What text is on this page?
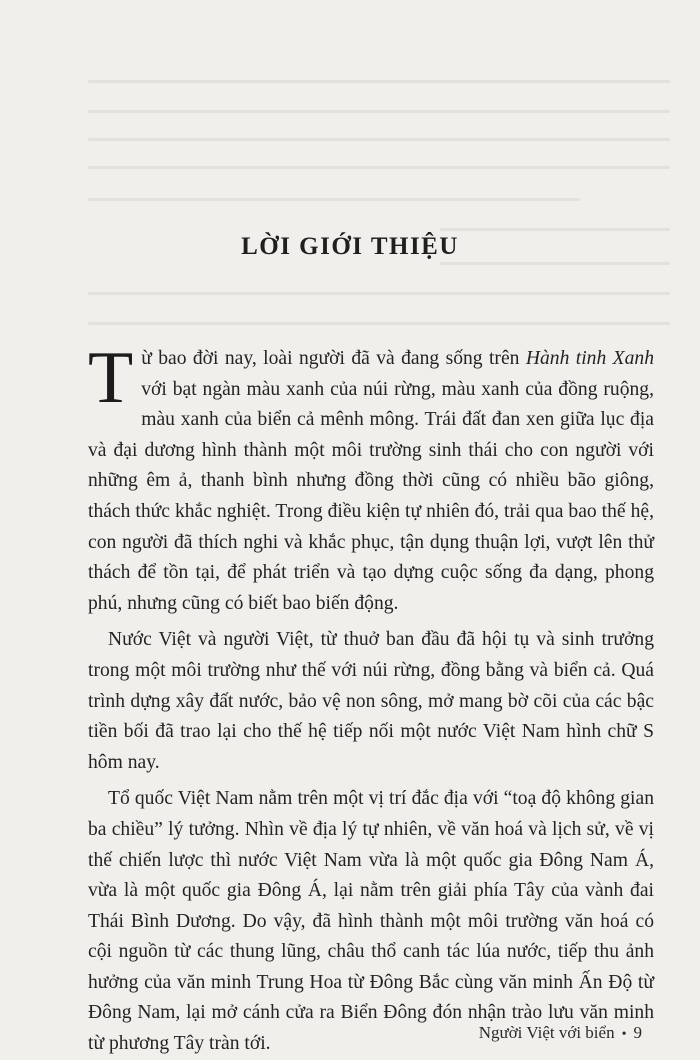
LỜI GIỚI THIỆU

Từ bao đời nay, loài người đã và đang sống trên Hành tinh Xanh với bạt ngàn màu xanh của núi rừng, màu xanh của đồng ruộng, màu xanh của biển cả mênh mông. Trái đất đan xen giữa lục địa và đại dương hình thành một môi trường sinh thái cho con người với những êm ả, thanh bình nhưng đồng thời cũng có nhiều bão giông, thách thức khắc nghiệt. Trong điều kiện tự nhiên đó, trải qua bao thế hệ, con người đã thích nghi và khắc phục, tận dụng thuận lợi, vượt lên thử thách để tồn tại, để phát triển và tạo dựng cuộc sống đa dạng, phong phú, nhưng cũng có biết bao biến động.

Nước Việt và người Việt, từ thuở ban đầu đã hội tụ và sinh trưởng trong một môi trường như thế với núi rừng, đồng bằng và biển cả. Quá trình dựng xây đất nước, bảo vệ non sông, mở mang bờ cõi của các bậc tiền bối đã trao lại cho thế hệ tiếp nối một nước Việt Nam hình chữ S hôm nay.

Tổ quốc Việt Nam nằm trên một vị trí đắc địa với “toạ độ không gian ba chiều” lý tưởng. Nhìn về địa lý tự nhiên, về văn hoá và lịch sử, về vị thế chiến lược thì nước Việt Nam vừa là một quốc gia Đông Nam Á, vừa là một quốc gia Đông Á, lại nằm trên giải phía Tây của vành đai Thái Bình Dương. Do vậy, đã hình thành một môi trường văn hoá có cội nguồn từ các thung lũng, châu thổ canh tác lúa nước, tiếp thu ảnh hưởng của văn minh Trung Hoa từ Đông Bắc cùng văn minh Ấn Độ từ Đông Nam, lại mở cánh cửa ra Biển Đông đón nhận trào lưu văn minh từ phương Tây tràn tới.

Người Việt với biển • 9
